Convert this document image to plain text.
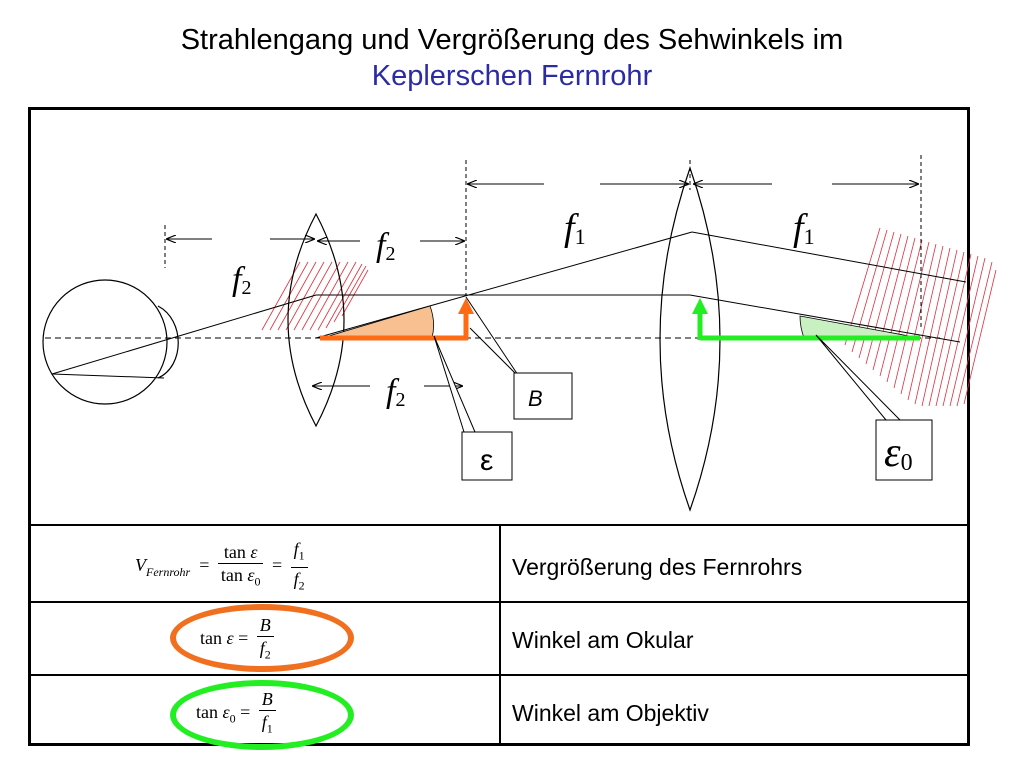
Strahlengang und Vergrößerung des Sehwinkels im
Keplerschen Fernrohr
f1	f1
f2
f2
f2
ε0
B
ε
f1 f1 f2 f2 f2 B ε ε0
$V_{Fernrohr} = \frac{\text{tan ε}}{\tan \varepsilon_0} = \frac{f_1}{f_2}$	Vergrößerung des Fernrohrs
$\tan \varepsilon = \frac{B}{f_2}$	Winkel am Okular
$\tan \varepsilon_0 = \frac{B}{f_1}$	Winkel am Objektiv
